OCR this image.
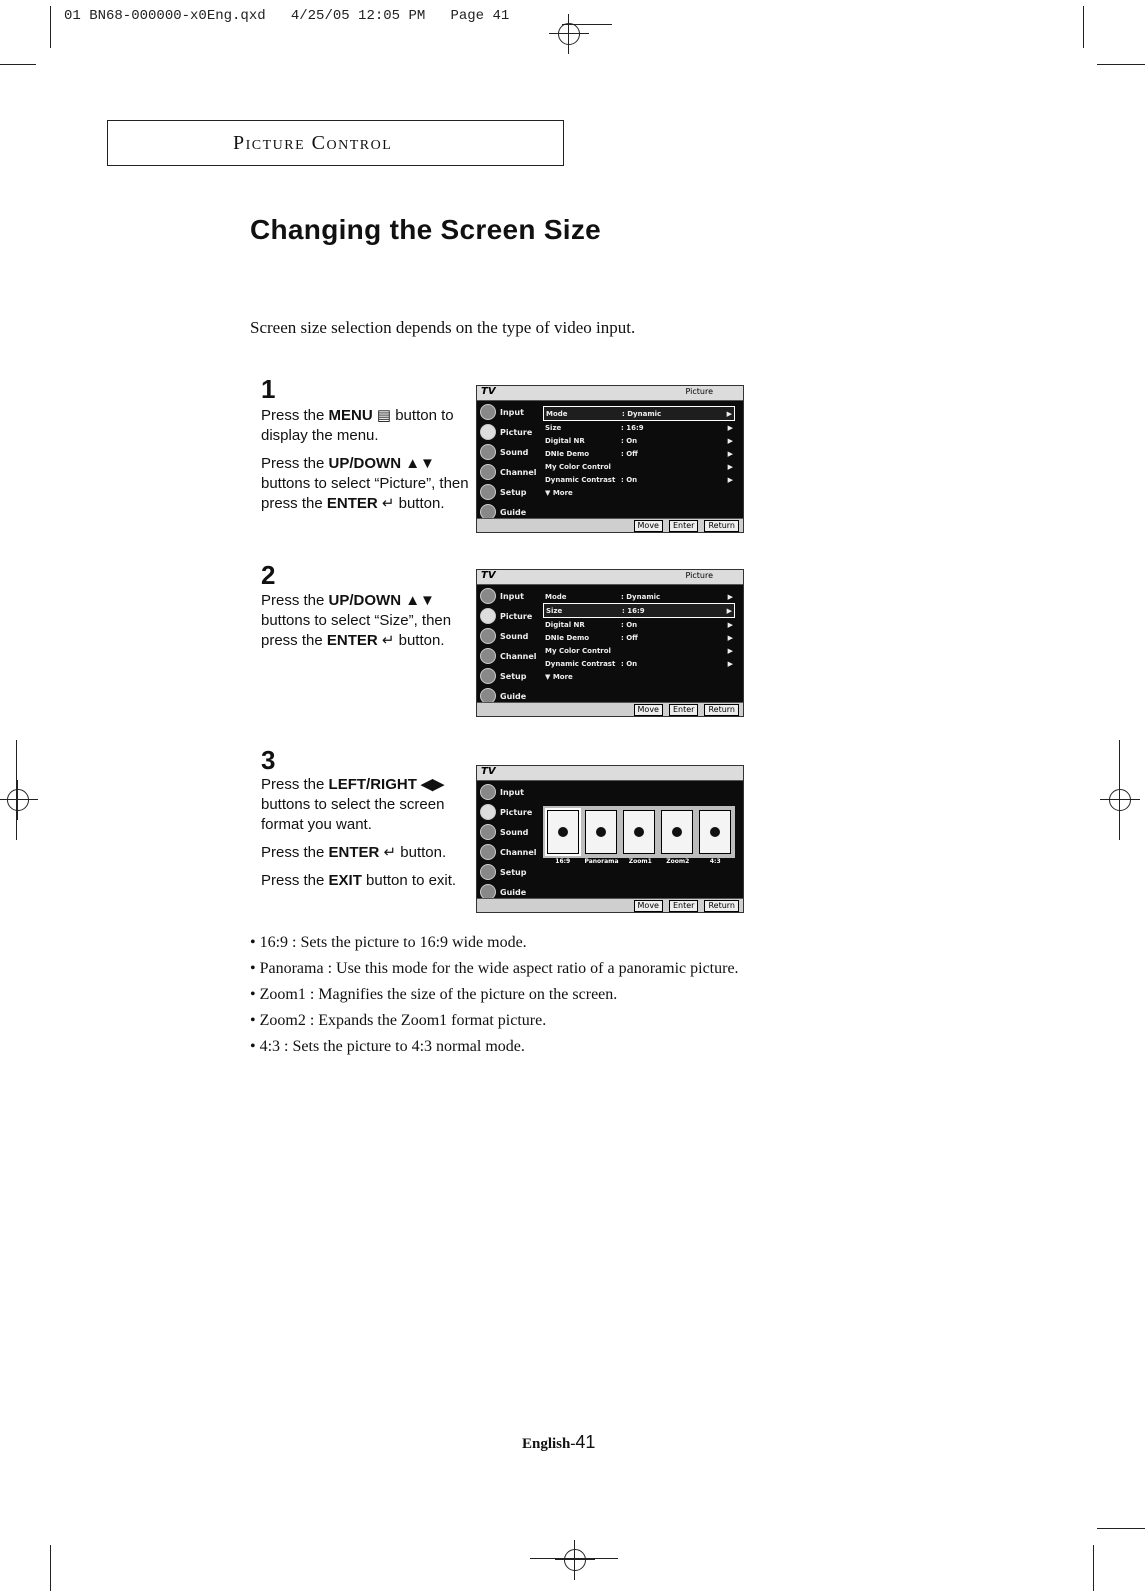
01 BN68-000000-x0Eng.qxd   4/25/05 12:05 PM   Page 41
Picture Control
Changing the Screen Size
Screen size selection depends on the type of video input.
1

Press the MENU ▤ button to display the menu.

Press the UP/DOWN ▲▼ buttons to select “Picture”, then press the ENTER ↵ button.

TV	Picture
Input
Picture
Sound
Channel
Setup
Guide
Mode	: Dynamic	▶
Size	: 16:9	▶
Digital NR	: On	▶
DNIe Demo	: Off	▶
My Color Control	▶
Dynamic Contrast : On	▶
▼ More
Move	Enter	Return
2

Press the UP/DOWN ▲▼ buttons to select “Size”, then press the ENTER ↵ button.

TV	Picture
Input
Picture
Sound
Channel
Setup
Guide
Mode	: Dynamic	▶
Size	: 16:9	▶
Digital NR	: On	▶
DNIe Demo	: Off	▶
My Color Control	▶
Dynamic Contrast : On	▶
▼ More
Move	Enter	Return
3

Press the LEFT/RIGHT ◀▶ buttons to select the screen format you want.

Press the ENTER ↵ button.

Press the EXIT button to exit.

TV
Input
Picture
Sound
Channel
Setup
Guide
16:9	Panorama	Zoom1	Zoom2	4:3
Move	Enter	Return
• 16:9 : Sets the picture to 16:9 wide mode.
• Panorama : Use this mode for the wide aspect ratio of a panoramic picture.
• Zoom1 : Magnifies the size of the picture on the screen.
• Zoom2 : Expands the Zoom1 format picture.
• 4:3 : Sets the picture to 4:3 normal mode.
English-41
